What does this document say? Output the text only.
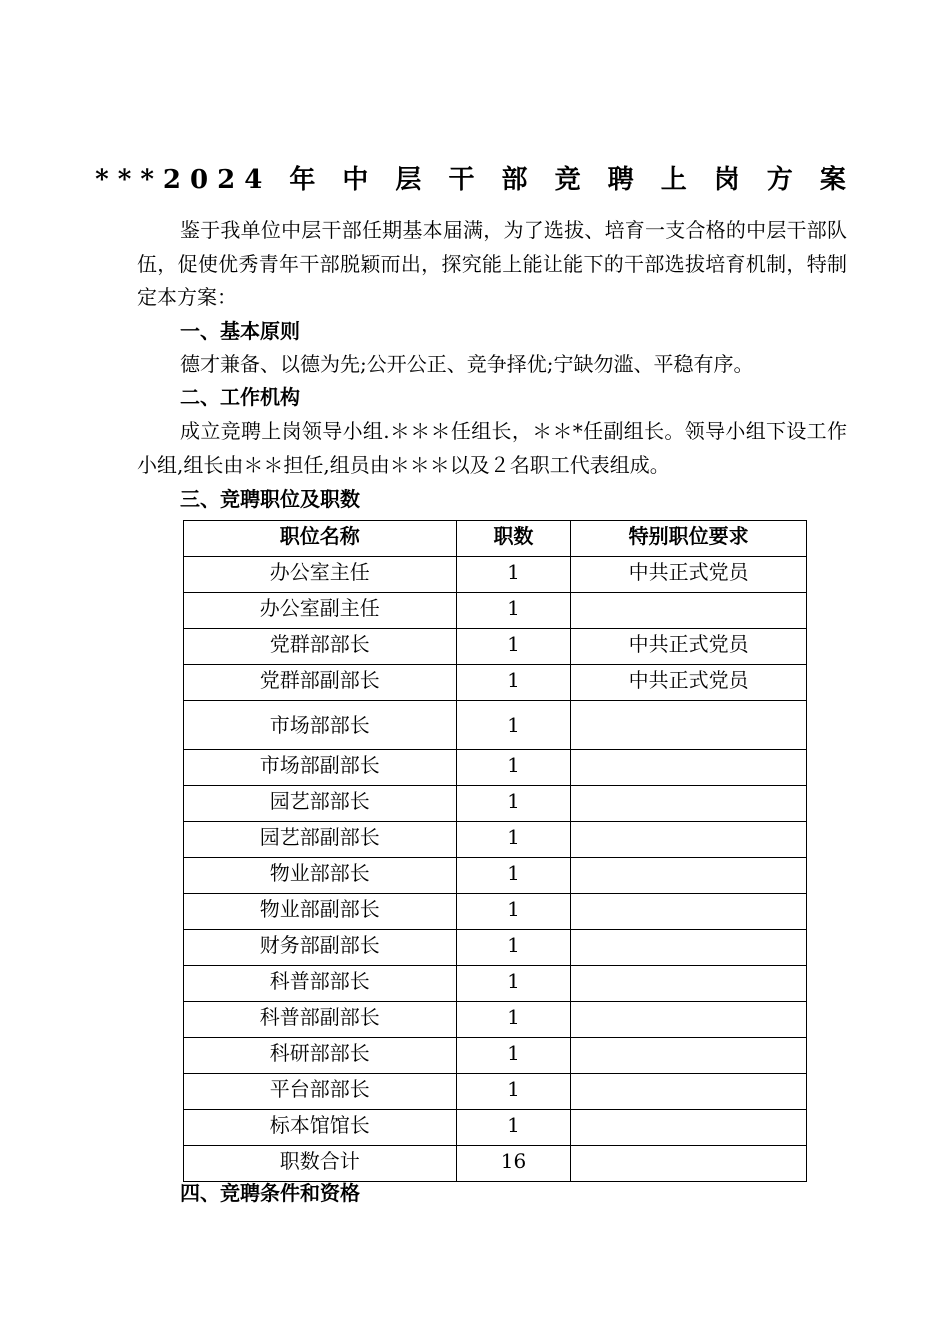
***2024 年 中 层 干 部 竞 聘 上 岗 方 案
鉴于我单位中层干部任期基本届满，为了选拔、培育一支合格的中层干部队伍，促使优秀青年干部脱颖而出，探究能上能让能下的干部选拔培育机制，特制定本方案：
一、基本原则
德才兼备、以德为先;公开公正、竞争择优;宁缺勿滥、平稳有序。
二、工作机构
成立竞聘上岗领导小组.＊＊＊任组长，＊＊*任副组长。领导小组下设工作小组,组长由＊＊担任,组员由＊＊＊以及２名职工代表组成。
三、竞聘职位及职数
职位名称	职数	特别职位要求
办公室主任	1	中共正式党员
办公室副主任	1	
党群部部长	1	中共正式党员
党群部副部长	1	中共正式党员
市场部部长	1	
市场部副部长	1	
园艺部部长	1	
园艺部副部长	1	
物业部部长	1	
物业部副部长	1	
财务部副部长	1	
科普部部长	1	
科普部副部长	1	
科研部部长	1	
平台部部长	1	
标本馆馆长	1	
职数合计	16	
四、竞聘条件和资格
